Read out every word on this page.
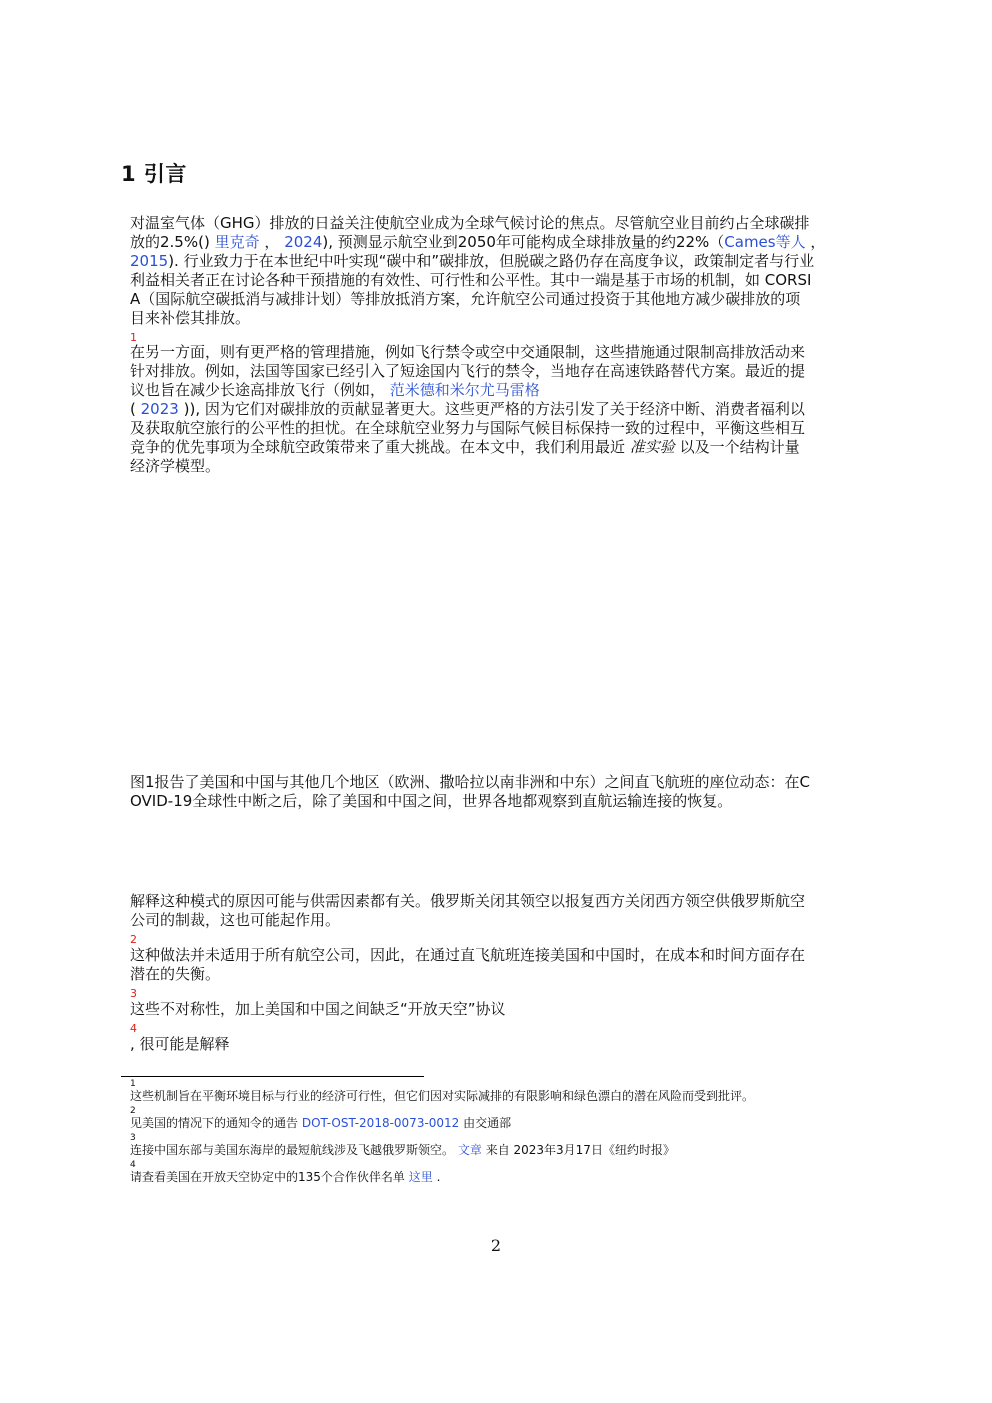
1 引言
对温室气体（GHG）排放的日益关注使航空业成为全球气候讨论的焦点。尽管航空业目前约占全球碳排
放的2.5%() 里克奇 ， 2024), 预测显示航空业到2050年可能构成全球排放量的约22%（Cames等人 ，
2015). 行业致力于在本世纪中叶实现“碳中和”碳排放，但脱碳之路仍存在高度争议，政策制定者与行业
利益相关者正在讨论各种干预措施的有效性、可行性和公平性。其中一端是基于市场的机制，如 CORSI
A（国际航空碳抵消与减排计划）等排放抵消方案，允许航空公司通过投资于其他地方减少碳排放的项
目来补偿其排放。
1
在另一方面，则有更严格的管理措施，例如飞行禁令或空中交通限制，这些措施通过限制高排放活动来
针对排放。例如，法国等国家已经引入了短途国内飞行的禁令，当地存在高速铁路替代方案。最近的提
议也旨在减少长途高排放飞行（例如， 范米德和米尔尤马雷格
( 2023 )), 因为它们对碳排放的贡献显著更大。这些更严格的方法引发了关于经济中断、消费者福利以
及获取航空旅行的公平性的担忧。在全球航空业努力与国际气候目标保持一致的过程中，平衡这些相互
竞争的优先事项为全球航空政策带来了重大挑战。在本文中，我们利用最近 准实验 以及一个结构计量
经济学模型。
图1报告了美国和中国与其他几个地区（欧洲、撒哈拉以南非洲和中东）之间直飞航班的座位动态：在C
OVID-19全球性中断之后，除了美国和中国之间，世界各地都观察到直航运输连接的恢复。
解释这种模式的原因可能与供需因素都有关。俄罗斯关闭其领空以报复西方关闭西方领空供俄罗斯航空
公司的制裁，这也可能起作用。
2
这种做法并未适用于所有航空公司，因此，在通过直飞航班连接美国和中国时，在成本和时间方面存在
潜在的失衡。
3
这些不对称性，加上美国和中国之间缺乏“开放天空”协议
4
, 很可能是解释
1
这些机制旨在平衡环境目标与行业的经济可行性，但它们因对实际减排的有限影响和绿色漂白的潜在风险而受到批评。
2
见美国的情况下的通知令的通告 DOT-OST-2018-0073-0012 由交通部
3
连接中国东部与美国东海岸的最短航线涉及飞越俄罗斯领空。 文章 来自 2023年3月17日《纽约时报》
4
请查看美国在开放天空协定中的135个合作伙伴名单 这里 .
2
